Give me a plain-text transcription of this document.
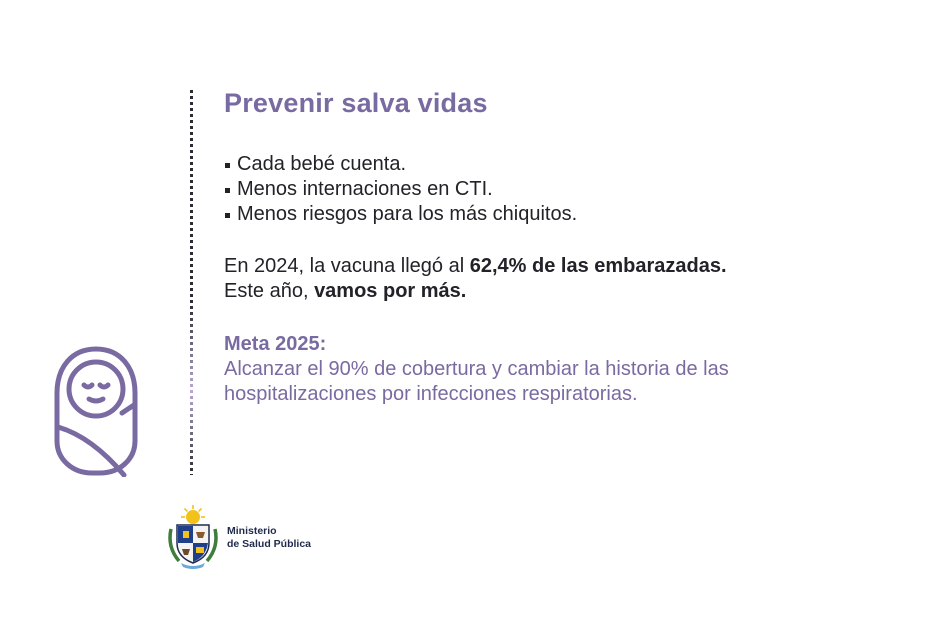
Prevenir salva vidas
Cada bebé cuenta.
Menos internaciones en CTI.
Menos riesgos para los más chiquitos.

En 2024, la vacuna llegó al 62,4% de las embarazadas.
Este año, vamos por más.

Meta 2025:

Alcanzar el 90% de cobertura y cambiar la historia de las hospitalizaciones por infecciones respiratorias.

Ministerio
de Salud Pública
